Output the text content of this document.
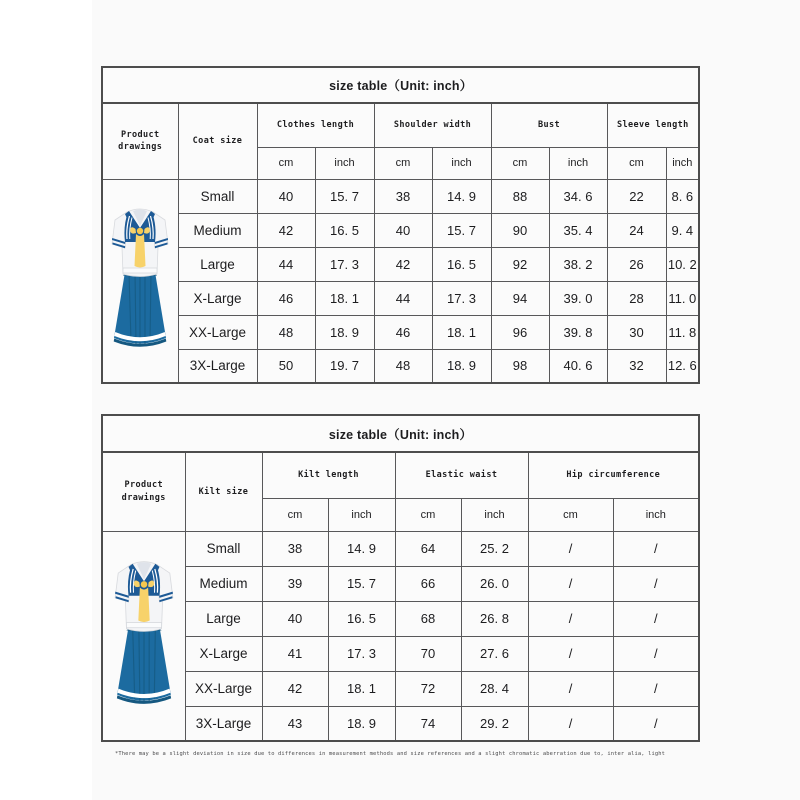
size table（Unit: inch）									
Product
drawings	Coat size	Clothes length		Shoulder width		Bust		Sleeve length	
		cm	inch	cm	inch	cm	inch	cm	inch

	Small	40	15. 7	38	14. 9	88	34. 6	22	8. 6
	Medium	42	16. 5	40	15. 7	90	35. 4	24	9. 4
	Large	44	17. 3	42	16. 5	92	38. 2	26	10. 2
	X-Large	46	18. 1	44	17. 3	94	39. 0	28	11. 0
	XX-Large	48	18. 9	46	18. 1	96	39. 8	30	11. 8
	3X-Large	50	19. 7	48	18. 9	98	40. 6	32	12. 6
size table（Unit: inch）							
Product
drawings	Kilt size	Kilt length		Elastic waist		Hip circumference	
		cm	inch	cm	inch	cm	inch

	Small	38	14. 9	64	25. 2	/	/
	Medium	39	15. 7	66	26. 0	/	/
	Large	40	16. 5	68	26. 8	/	/
	X-Large	41	17. 3	70	27. 6	/	/
	XX-Large	42	18. 1	72	28. 4	/	/
	3X-Large	43	18. 9	74	29. 2	/	/
*There may be a slight deviation in size due to differences in measurement methods and size references and a slight chromatic aberration due to, inter alia, light
